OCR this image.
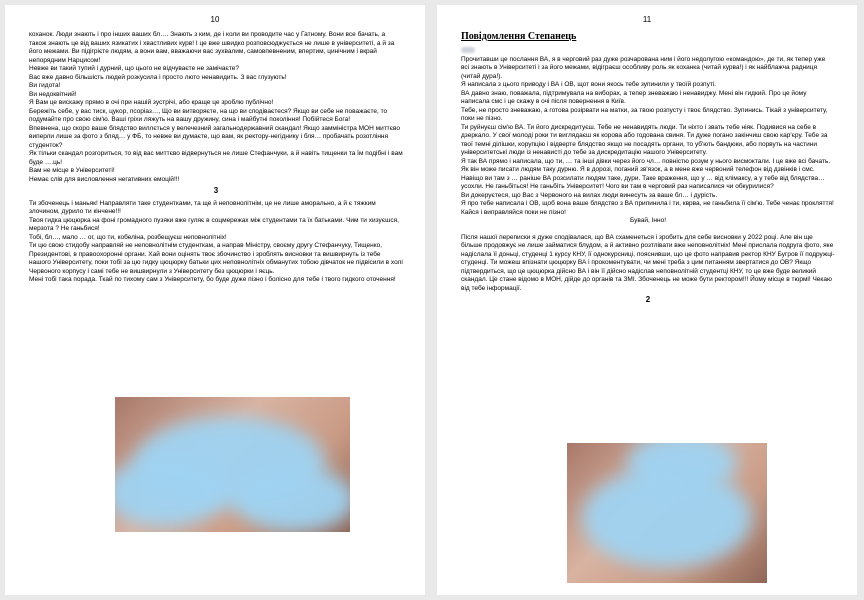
10

коханок. Люди знають і про інших ваших бл…. Знають з ким, де і коли ви проводите час у Гатному. Вони все бачать, а також знають це від ваших язикатих і хвастливих курв! І це вже швидко розповсюджується не лише в університеті, а й за його межами. Ви підігрієте людям, а вони вам, вважаючи вас зухвалим, самовпевненим, впертим, цинічним і вкрай непорядним Нарцисом!

Невже ви такий тупий і дурний, що цього не відчуваєте не замічаєте?

Вас вже давно більшість людей розкусила і просто люто ненавидить. З вас глузують!

Ви гидота!

Ви недоквітний!

Я Вам це вискажу прямо в очі при нашій зустрічі, або краще це зроблю публічно!

Бережіть себе, у вас тиск, цукор, псоріаз…, Що ви витворяєте, на що ви сподіваєтеся? Якщо ви себе не поважаєте, то подумайте про свою сім'ю. Ваші гріхи ляжуть на вашу дружину, сина і майбутні покоління! Побійтеся Бога!

Впевнена, що скоро ваше блядство виллється у велечезний загальнодержавний скандал! Якщо замміністра МОН миттєво виперли лише за фото з бляд… у ФБ, то невже ви думаєте, що вам, як ректору-негіднику і бля… пробачать розотління студенток?

Як тільки скандал розгориться, то від вас миттєво відвернуться не лише Стефанчуки, а й навіть тищенки та їм подібні і вам буде ….ць!

Вам не місце в Університеті!

Немає слів для висловлення негативних емоцій!!!

3

Ти збоченець і маньяк! Направляти таке студентками, та ще й неповнолітнім, це не лише аморально, а й є тяжким злочином, дурило ти кінчене!!!

Твоя гидка цюцюрка на фоні громадного пузяки вже гуляє в соцмережах між студентами та їх батьками. Чим ти хизуєшся, мерзота ? Не ганьбися!

Тобі, бл…, мало … ог, що ти, кобеліна, розбещуєш неповнолітніх!

Ти цю свою стидобу направляй не неповнолітнім студенткам, а направ Міністру, своєму другу Стефанчуку, Тищенко, Президентові, в правоохоронні органи. Хай вони оцінять твоє збочинство і зроблять висновки та вишвирнуть із тебе нашого Університету, поки тобі за цю гидку цюцюрку батьки цих неповнолітніх обманутих тобою дівчаток не підвісили в холі Червоного корпусу і самі тебе не вишвирнули з Університету без цюцюрки і яєць.

Мені тобі така порада. Ткай по тихому сам з Університету, бо буде дуже пізно і болісно для тебе і твого гидкого оточення!

11
Повідомлення Степанець

Прочитавши це послання ВА, я в черговий раз дуже розчарована ним і його недолугою «командою», де ти, як тепер уже всі знають в Університеті і за його межами, відіграєш особливу роль як коханка (читай курва!) і як найблажча радниця (читай дура!).

Я написала з цього приводу і ВА і ОВ, щот вони якось тебе зупинили у твоїй розпуті.

ВА давно знаю, поважала, підтримувала на виборах, а тепер зневажаю і ненавиджу. Мені він гидкий. Про це йому написала смс і це скажу в очі після повернення в Київ.

Тебе, не просто зневажаю, а готова розірвати на матки, за твою розпусту і твоє блядство. Зупинись. Тікай з університету, поки не пізно.

Ти руйнуєш сім'ю ВА. Ти його дискредитуєш. Тебе не ненавидять люди. Ти ніхто і звать тебе ніяк. Подивися на себе в дзеркало. У свої молоді роки ти виглядаєш як корова або годована свиня. Ти дуже погано закінчиш свою кар'єру. Тебе за твої темні ділішки, корупцію і відверте блядство якщо не посадять органи, то уб'ють бандюки, або порвуть на частини університетські люди із ненависті до тебе за дискредитацію нашого Університету.

Я так ВА прямо і написала, що ти, … та інші дівки через його чл… повністю розум у нього висмоктали. І це вже всі бачать. Як він може писати людям таку дурню. Я в дорозі, поганий зв'язок, а в мене вже червоний телефон від дзвінків і смс. Навіщо ви там з … раніше ВА розсилати людям таке, дури. Таке враження, що у … від клімаксу, а у тебе від блядства… усохли. Не ганьбіться! Не ганьбіть Університет! Чого ви там в черговий раз написалися чи обкурилися?

Ви докеруєтеся, що Вас з Червоного на вилах люди винесуть за ваше бл… і дурість.

Я про тебе написала і ОВ, щоб вона ваше блядство з ВА припинила і ти, кврва, не ганьбила її сім'ю. Тебе ченає прокляття! Кайся і виправляйся поки не пізно!

Бувай, Інно!

Після нашої переписки я дуже сподівалася, що ВА схаменеться і зробить для себе висновки у 2022 році. Але він ще більше продовжує не лише займатися блудом, а й активно розтлівати вже неповнолітніх! Мені прислала подруга фото, яке надіслала її доньці, студенці 1 курсу КНУ, її однокурсниці, пояснивши, що це фото направив ректор КНУ Бугров її подружці-студенці. Ти можеш впізнати цюцюрку ВА і прокоментувати, чи мені треба з цим питанням звертатися до ОВ? Якщо підтвердиться, що це цюцюрка дійсно ВА і він її дійсно надіслав неповнолітній студентці КНУ, то це вже буде великий скандал. Це стане відомо в МОН, дійде до органів та ЗМІ. Збоченець не може бути ректором!!! Йому місце в тюрмі! Чекаю від тебе інформації.

2
